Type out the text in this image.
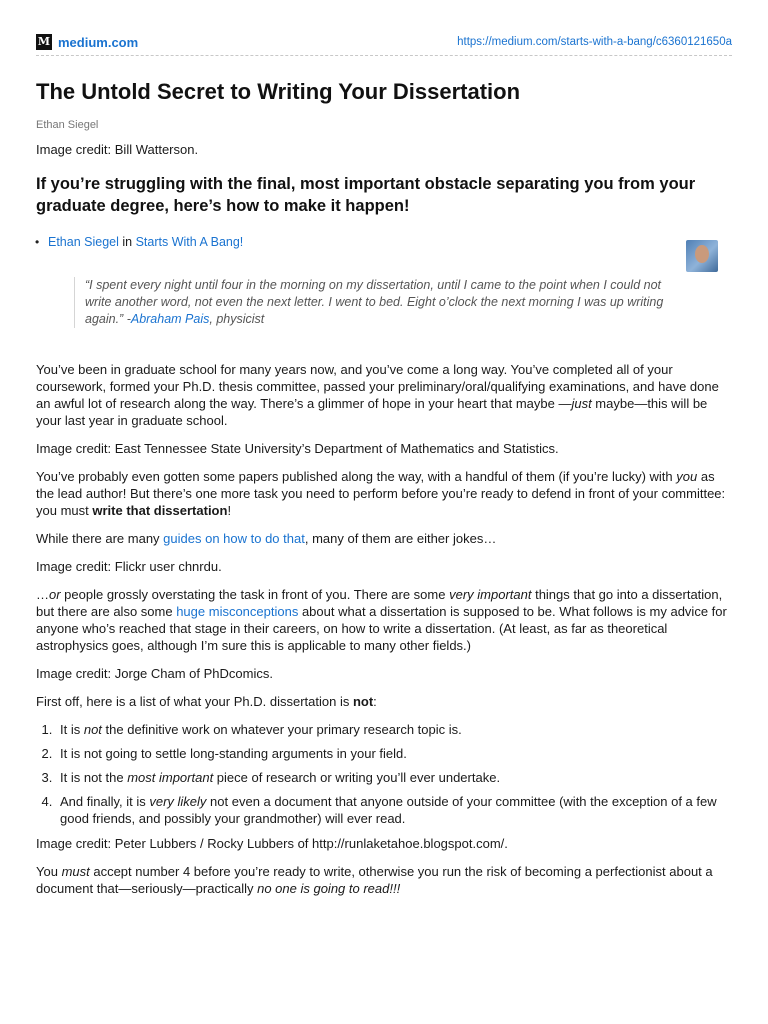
M medium.com	https://medium.com/starts-with-a-bang/c6360121650a
The Untold Secret to Writing Your Dissertation
Ethan Siegel

Image credit: Bill Watterson.

If you’re struggling with the final, most important obstacle separating you from your graduate degree, here’s how to make it happen!
• Ethan Siegel in Starts With A Bang!
“I spent every night until four in the morning on my dissertation, until I came to the point when I could not write another word, not even the next letter. I went to bed. Eight o’clock the next morning I was up writing again.” -Abraham Pais, physicist

You’ve been in graduate school for many years now, and you’ve come a long way. You’ve completed all of your coursework, formed your Ph.D. thesis committee, passed your preliminary/oral/qualifying examinations, and have done an awful lot of research along the way. There’s a glimmer of hope in your heart that maybe —just maybe—this will be your last year in graduate school.

Image credit: East Tennessee State University’s Department of Mathematics and Statistics.

You’ve probably even gotten some papers published along the way, with a handful of them (if you’re lucky) with you as the lead author! But there’s one more task you need to perform before you’re ready to defend in front of your committee: you must write that dissertation!

While there are many guides on how to do that, many of them are either jokes…

Image credit: Flickr user chnrdu.

…or people grossly overstating the task in front of you. There are some very important things that go into a dissertation, but there are also some huge misconceptions about what a dissertation is supposed to be. What follows is my advice for anyone who’s reached that stage in their careers, on how to write a dissertation. (At least, as far as theoretical astrophysics goes, although I’m sure this is applicable to many other fields.)

Image credit: Jorge Cham of PhDcomics.

First off, here is a list of what your Ph.D. dissertation is not:

1. It is not the definitive work on whatever your primary research topic is.
2. It is not going to settle long-standing arguments in your field.
3. It is not the most important piece of research or writing you’ll ever undertake.
4. And finally, it is very likely not even a document that anyone outside of your committee (with the exception of a few good friends, and possibly your grandmother) will ever read.

Image credit: Peter Lubbers / Rocky Lubbers of http://runlaketahoe.blogspot.com/.

You must accept number 4 before you’re ready to write, otherwise you run the risk of becoming a perfectionist about a document that—seriously—practically no one is going to read!!!
